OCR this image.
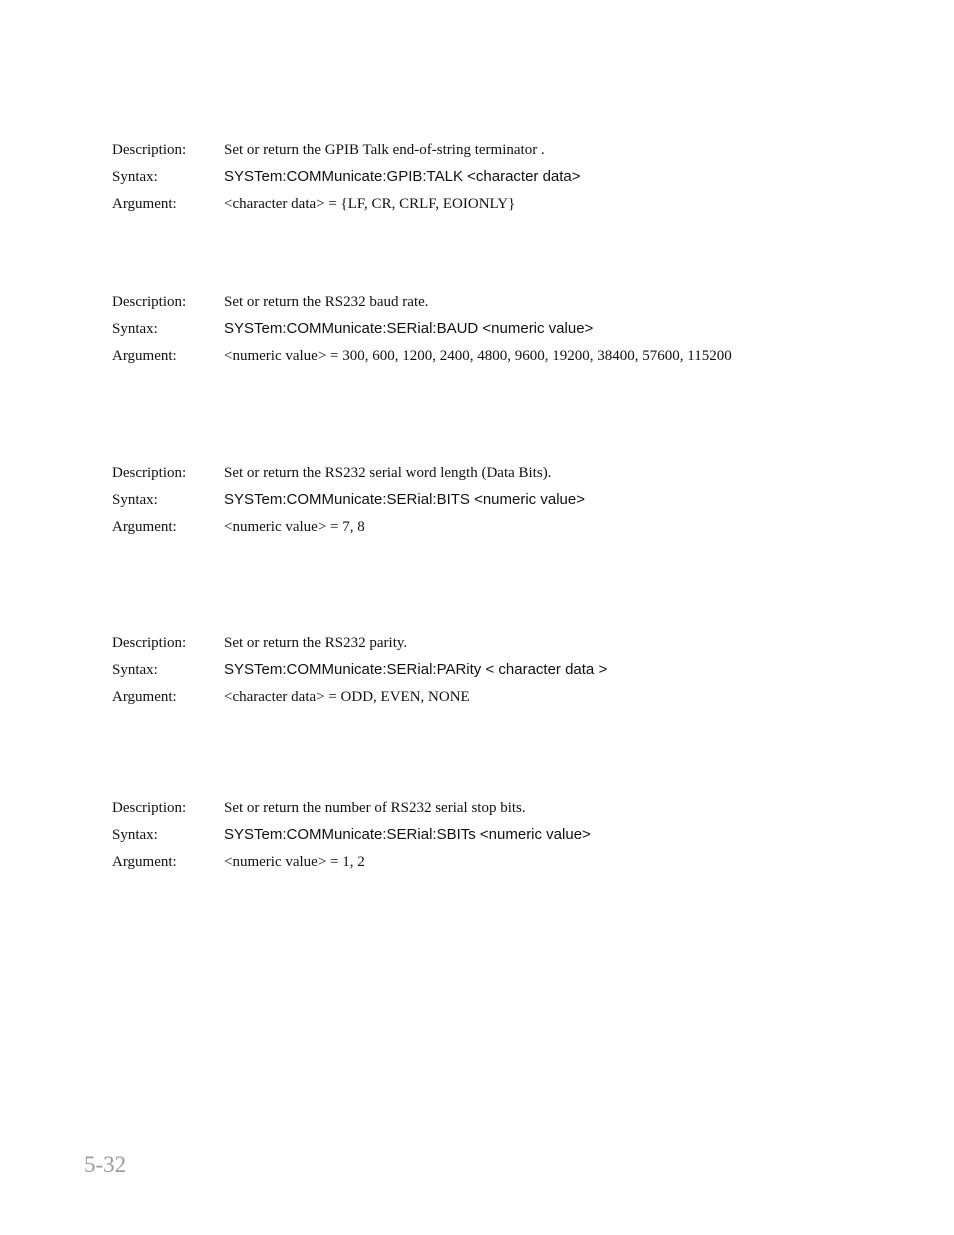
Description:	Set or return the GPIB Talk end-of-string terminator .
Syntax:	SYSTem:COMMunicate:GPIB:TALK <character data>
Argument:	<character data> = {LF, CR, CRLF, EOIONLY}
Description:	Set or return the RS232 baud rate.
Syntax:	SYSTem:COMMunicate:SERial:BAUD <numeric value>
Argument:	<numeric value> = 300, 600, 1200, 2400, 4800, 9600, 19200, 38400, 57600, 115200
Description:	Set or return the RS232 serial word length (Data Bits).
Syntax:	SYSTem:COMMunicate:SERial:BITS <numeric value>
Argument:	<numeric value> = 7, 8
Description:	Set or return the RS232 parity.
Syntax:	SYSTem:COMMunicate:SERial:PARity < character data >
Argument:	<character data> = ODD, EVEN, NONE
Description:	Set or return the number of RS232 serial stop bits.
Syntax:	SYSTem:COMMunicate:SERial:SBITs <numeric value>
Argument:	<numeric value> = 1, 2
5-32
